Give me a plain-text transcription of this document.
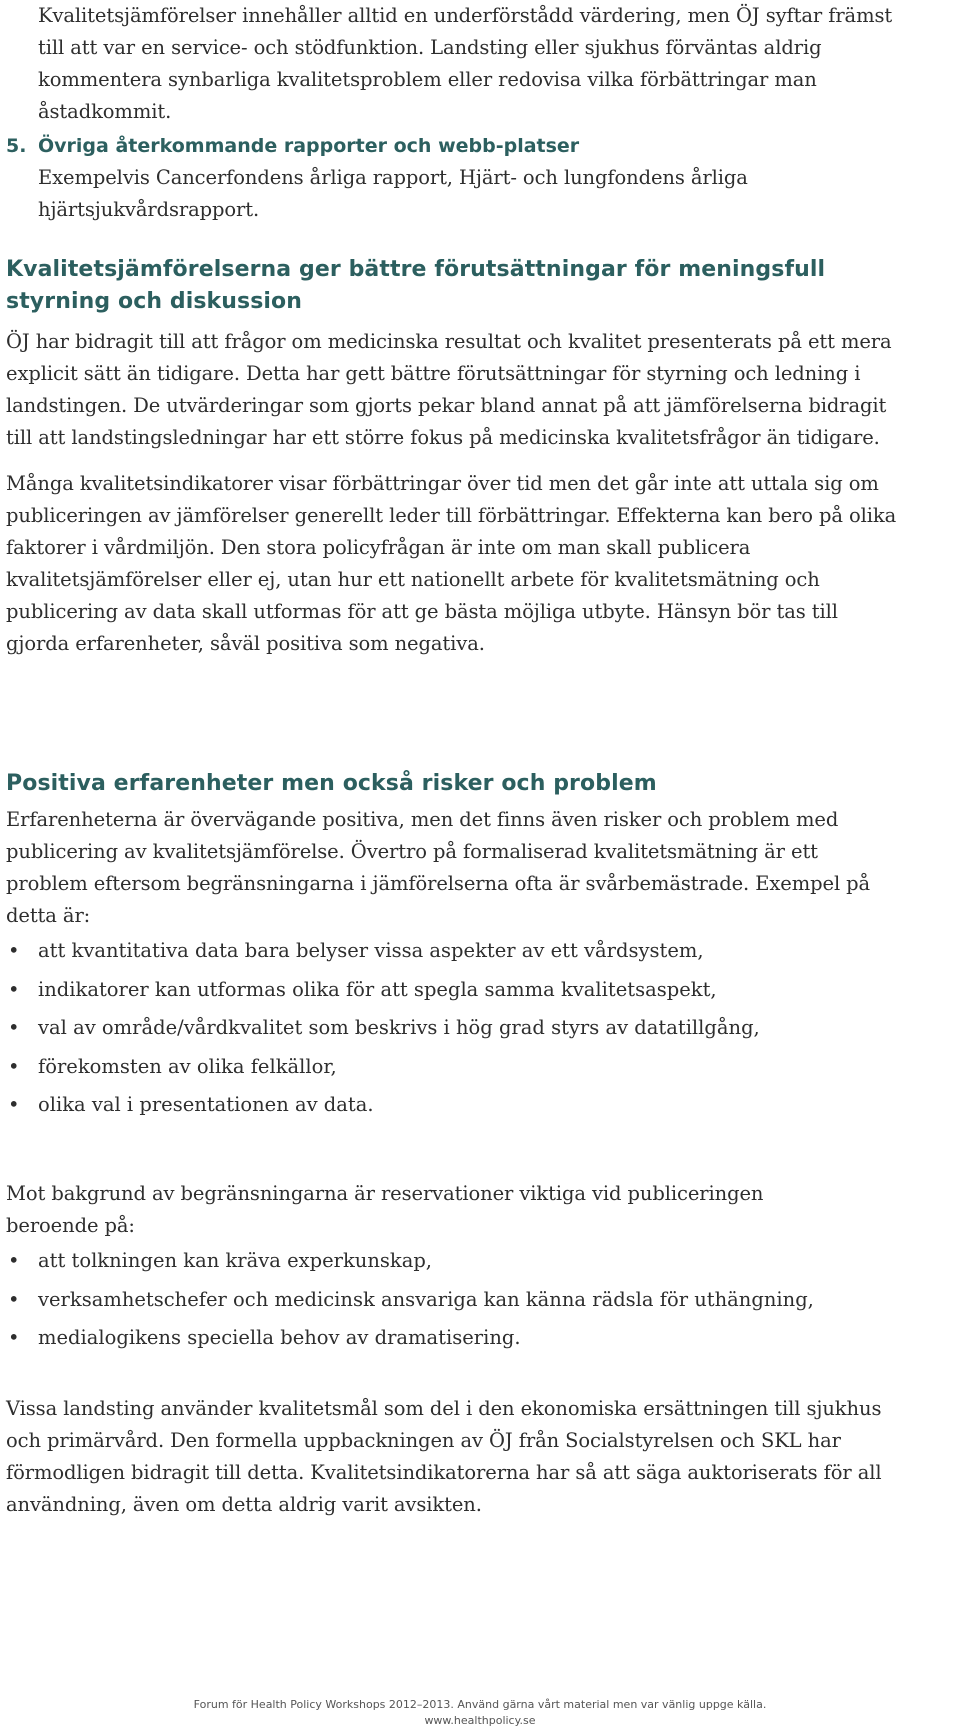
Kvalitetsjämförelser innehåller alltid en underförstådd värdering, men ÖJ syftar främst till att var en service- och stödfunktion. Landsting eller sjukhus förväntas aldrig kommentera synbarliga kvalitetsproblem eller redovisa vilka förbättringar man åstadkommit.

5. Övriga återkommande rapporter och webb-platser

Exempelvis Cancerfondens årliga rapport, Hjärt- och lungfondens årliga hjärtsjukvårdsrapport.

Kvalitetsjämförelserna ger bättre förutsättningar för meningsfull styrning och diskussion

ÖJ har bidragit till att frågor om medicinska resultat och kvalitet presenterats på ett mera explicit sätt än tidigare. Detta har gett bättre förutsättningar för styrning och ledning i landstingen. De utvärderingar som gjorts pekar bland annat på att jämförelserna bidragit till att landstingsledningar har ett större fokus på medicinska kvalitetsfrågor än tidigare.

Många kvalitetsindikatorer visar förbättringar över tid men det går inte att uttala sig om publiceringen av jämförelser generellt leder till förbättringar. Effekterna kan bero på olika faktorer i vårdmiljön. Den stora policyfrågan är inte om man skall publicera kvalitetsjämförelser eller ej, utan hur ett nationellt arbete för kvalitetsmätning och publicering av data skall utformas för att ge bästa möjliga utbyte. Hänsyn bör tas till gjorda erfarenheter, såväl positiva som negativa.

Positiva erfarenheter men också risker och problem

Erfarenheterna är övervägande positiva, men det finns även risker och problem med publicering av kvalitetsjämförelse. Övertro på formaliserad kvalitetsmätning är ett problem eftersom begränsningarna i jämförelserna ofta är svårbemästrade. Exempel på detta är:

• att kvantitativa data bara belyser vissa aspekter av ett vårdsystem,
• indikatorer kan utformas olika för att spegla samma kvalitetsaspekt,
• val av område/vårdkvalitet som beskrivs i hög grad styrs av datatillgång,
• förekomsten av olika felkällor,
• olika val i presentationen av data.

Mot bakgrund av begränsningarna är reservationer viktiga vid publiceringen beroende på:

• att tolkningen kan kräva experkunskap,
• verksamhetschefer och medicinsk ansvariga kan känna rädsla för uthängning,
• medialogikens speciella behov av dramatisering.

Vissa landsting använder kvalitetsmål som del i den ekonomiska ersättningen till sjukhus och primärvård. Den formella uppbackningen av ÖJ från Socialstyrelsen och SKL har förmodligen bidragit till detta. Kvalitetsindikatorerna har så att säga auktoriserats för all användning, även om detta aldrig varit avsikten.

Forum för Health Policy Workshops 2012–2013. Använd gärna vårt material men var vänlig uppge källa.
www.healthpolicy.se
